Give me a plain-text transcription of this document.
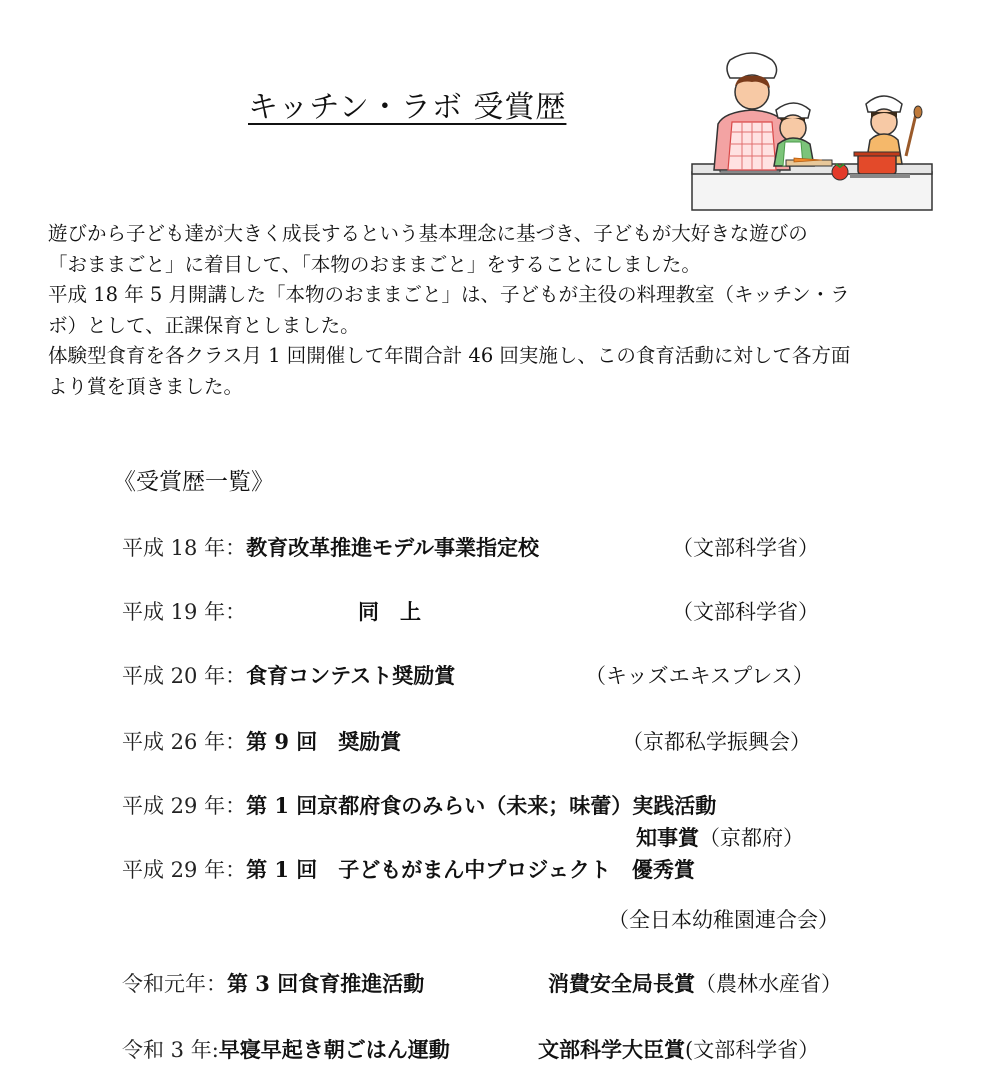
キッチン・ラボ 受賞歴

遊びから子ども達が大きく成長するという基本理念に基づき、子どもが大好きな遊びの

「おままごと」に着目して、「本物のおままごと」をすることにしました。

平成 18 年 5 月開講した「本物のおままごと」は、子どもが主役の料理教室（キッチン・ラ

ボ）として、正課保育としました。

体験型食育を各クラス月 1 回開催して年間合計 46 回実施し、この食育活動に対して各方面

より賞を頂きました。

《受賞歴一覧》
平成 18 年：教育改革推進モデル事業指定校	（文部科学省）
平成 19 年：	同　上	（文部科学省）
平成 20 年：食育コンテスト奨励賞	（キッズエキスプレス）
平成 26 年：第 9 回　奨励賞	（京都私学振興会）
平成 29 年：第 1 回京都府食のみらい（未来；味蕾）実践活動
知事賞（京都府）
平成 29 年：第 1 回　子どもがまん中プロジェクト　優秀賞
（全日本幼稚園連合会）
令和元年：第 3 回食育推進活動	消費安全局長賞（農林水産省）
令和 3 年:早寝早起き朝ごはん運動	文部科学大臣賞(文部科学省）
